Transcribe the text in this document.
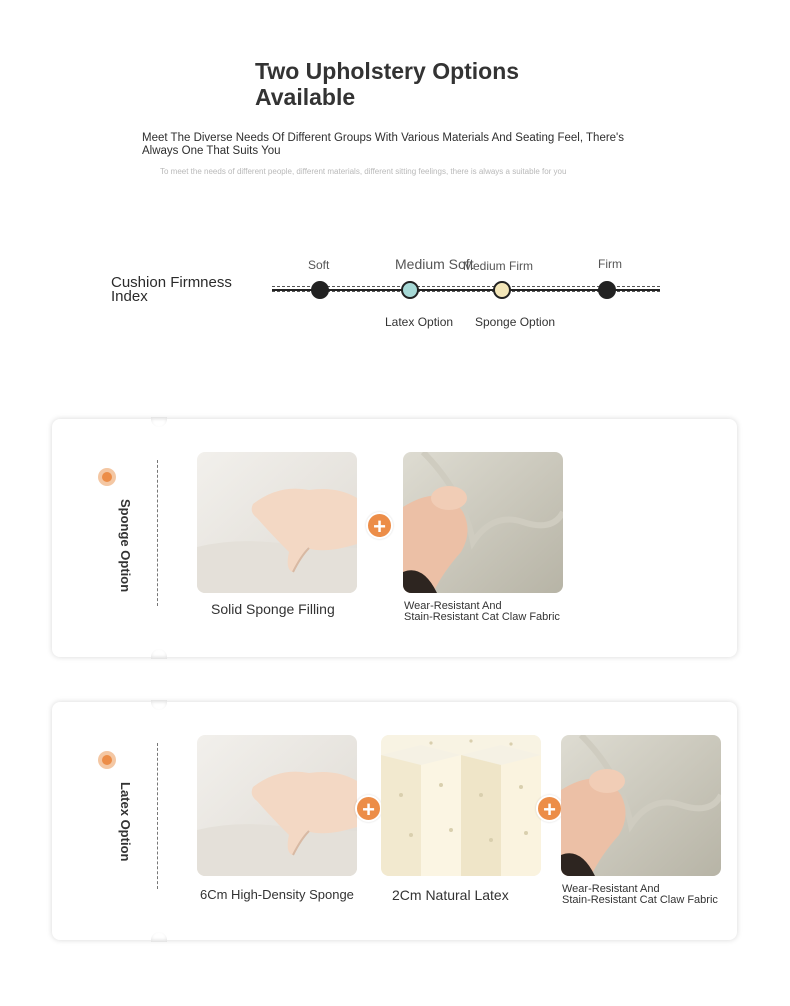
Two Upholstery Options Available
Meet The Diverse Needs Of Different Groups With Various Materials And Seating Feel, There's Always One That Suits You
To meet the needs of different people, different materials, different sitting feelings, there is always a suitable for you
Cushion Firmness Index
Soft	Medium Soft
Medium Firm	Firm
Latex Option Sponge Option
Sponge Option	+
Solid Sponge Filling	Wear-Resistant And
Stain-Resistant Cat Claw Fabric
Latex Option	+	+
6Cm High-Density Sponge	2Cm Natural Latex	Wear-Resistant And
Stain-Resistant Cat Claw Fabric
